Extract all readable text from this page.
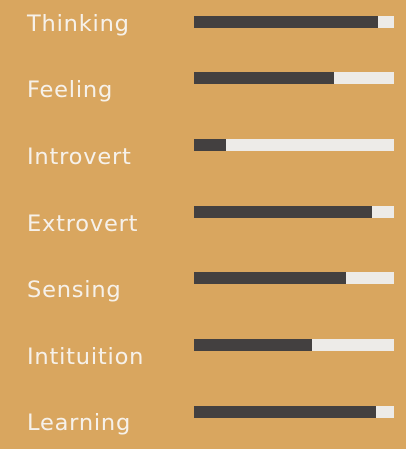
Thinking
Feeling
Introvert
Extrovert
Sensing
Intituition
Learning
